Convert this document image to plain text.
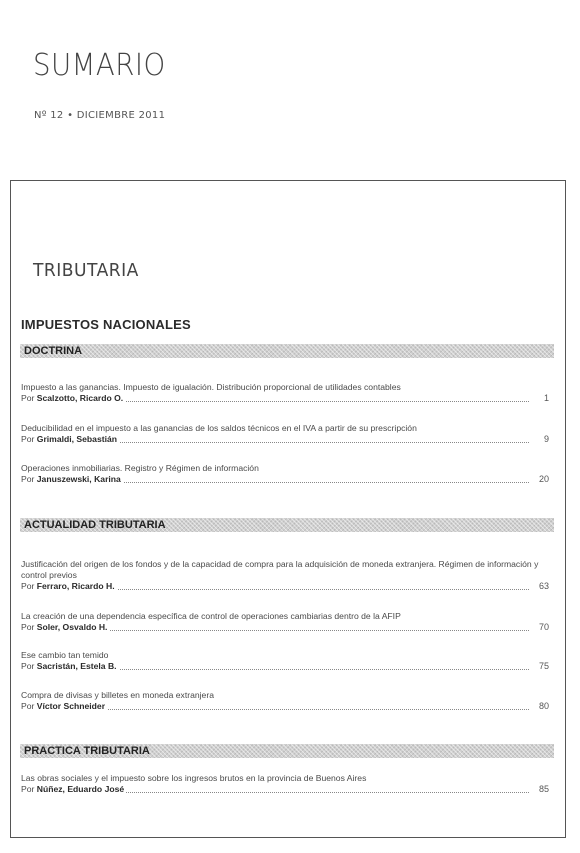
SUMARIO
Nº 12 • DICIEMBRE 2011
TRIBUTARIA
IMPUESTOS NACIONALES
DOCTRINA
Impuesto a las ganancias. Impuesto de igualación. Distribución proporcional de utilidades contables
Por Scalzotto, Ricardo O.	1
Deducibilidad en el impuesto a las ganancias de los saldos técnicos en el IVA a partir de su prescripción
Por Grimaldi, Sebastián	9
Operaciones inmobiliarias. Registro y Régimen de información
Por Januszewski, Karina	20
ACTUALIDAD TRIBUTARIA
Justificación del origen de los fondos y de la capacidad de compra para la adquisición de moneda extranjera. Régimen de información y control previos
Por Ferraro, Ricardo H.	63
La creación de una dependencia específica de control de operaciones cambiarias dentro de la AFIP
Por Soler, Osvaldo H.	70
Ese cambio tan temido
Por Sacristán, Estela B.	75
Compra de divisas y billetes en moneda extranjera
Por Víctor Schneider	80
PRACTICA TRIBUTARIA
Las obras sociales y el impuesto sobre los ingresos brutos en la provincia de Buenos Aires
Por Núñez, Eduardo José	85
